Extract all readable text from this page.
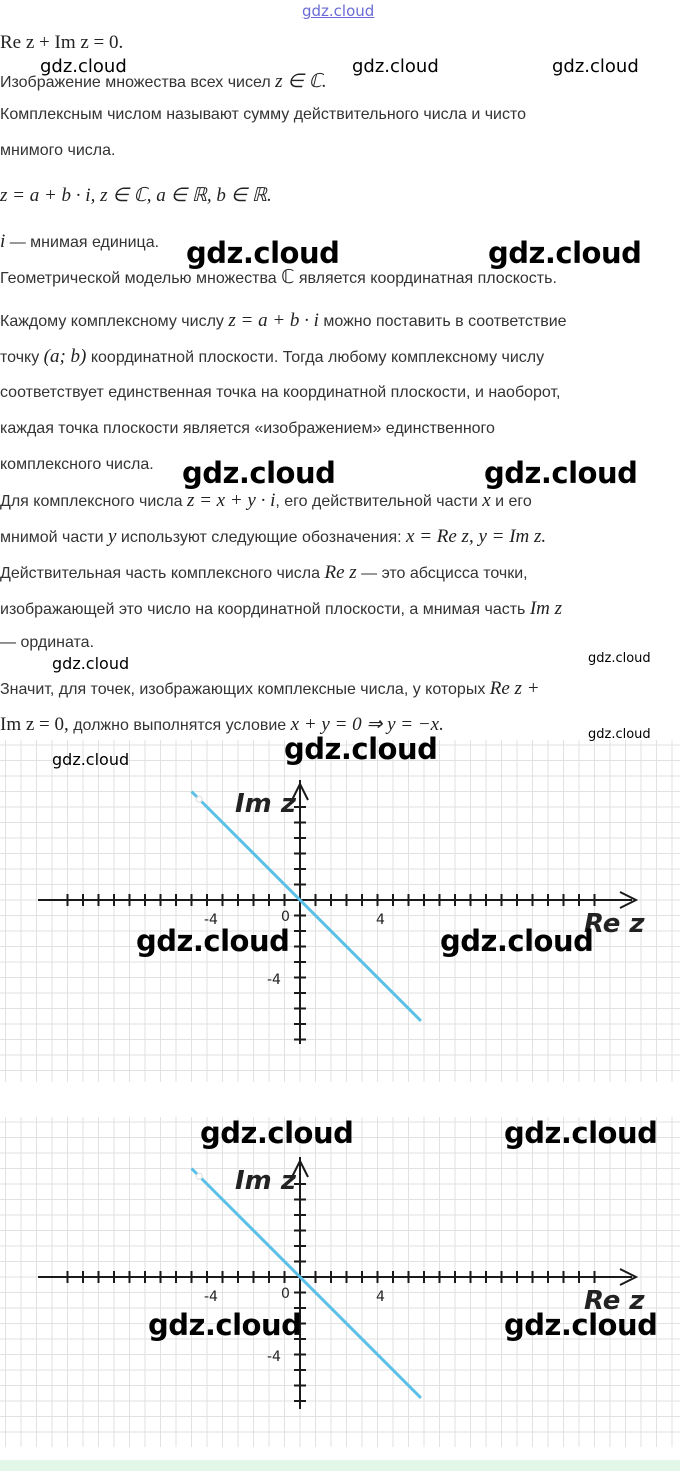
gdz.cloud
Re z + Im z = 0.
Изображение множества всех чисел z ∈ ℂ.
Комплексным числом называют сумму действительного числа и чисто
мнимого числа.
z = a + b · i, z ∈ ℂ, a ∈ ℝ, b ∈ ℝ.
i — мнимая единица.
Геометрической моделью множества ℂ является координатная плоскость.
Каждому комплексному числу z = a + b · i можно поставить в соответствие
точку (a; b) координатной плоскости. Тогда любому комплексному числу
соответствует единственная точка на координатной плоскости, и наоборот,
каждая точка плоскости является «изображением» единственного
комплексного числа.
Для комплексного числа z = x + y · i, его действительной части x и его
мнимой части y используют следующие обозначения: x = Re z, y = Im z.
Действительная часть комплексного числа Re z — это абсцисса точки,
изображающей это число на координатной плоскости, а мнимая часть Im z
— ордината.
Значит, для точек, изображающих комплексные числа, у которых Re z +
Im z = 0, должно выполнятся условие x + y = 0 ⇒ y = −x.
Im z
Re z
-4	0	4
-4
Im z
Re z
-4	0	4
-4
gdz.cloud	gdz.cloud	gdz.cloud
gdz.cloud	gdz.cloud
gdz.cloud	gdz.cloud
gdz.cloud	gdz.cloud
gdz.cloud
gdz.cloud	gdz.cloud
gdz.cloud	gdz.cloud
gdz.cloud	gdz.cloud
gdz.cloud	gdz.cloud
